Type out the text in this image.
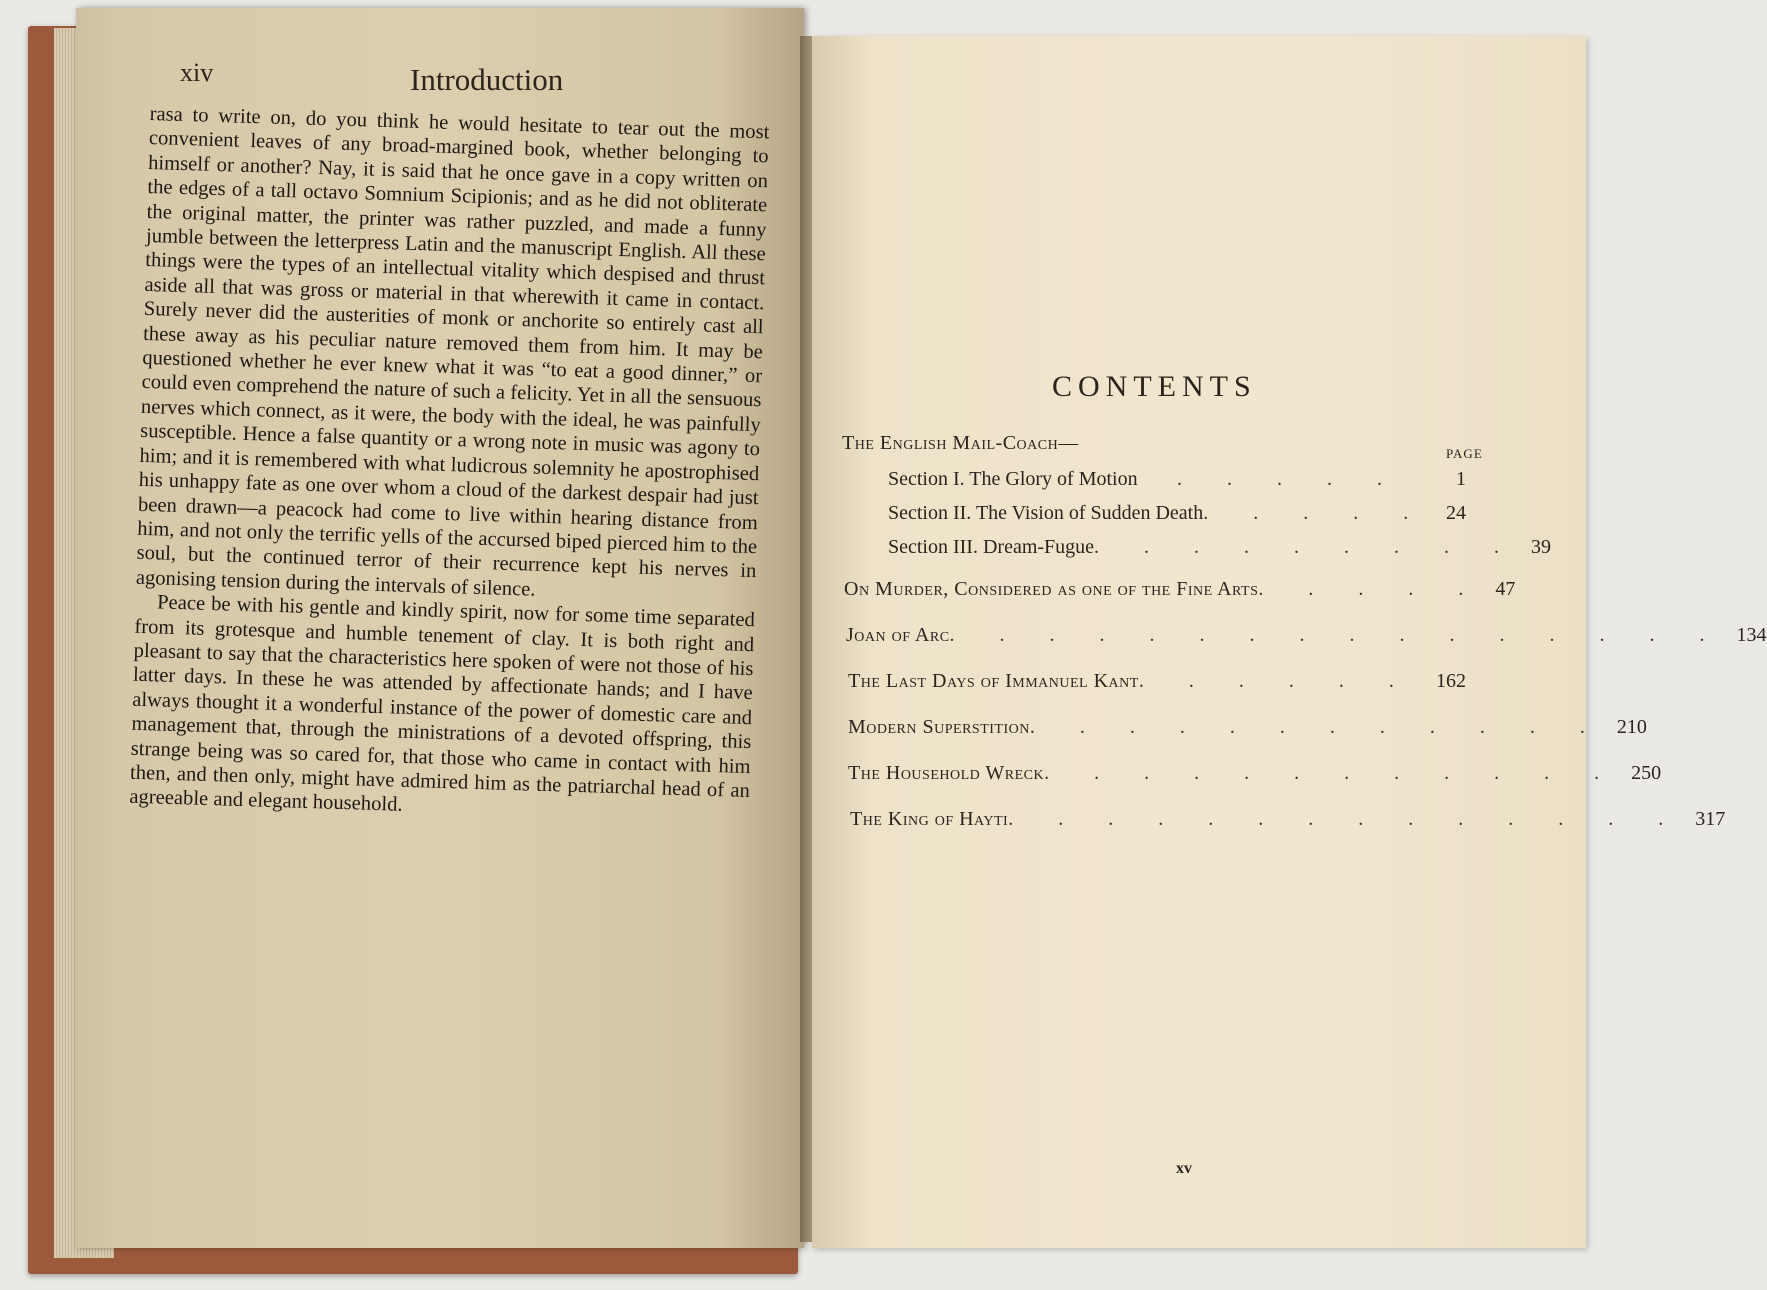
xiv	Introduction

rasa to write on, do you think he would hesitate to tear out the most convenient leaves of any broad-margined book, whether belonging to himself or another? Nay, it is said that he once gave in a copy written on the edges of a tall octavo Somnium Scipionis; and as he did not obliterate the original matter, the printer was rather puzzled, and made a funny jumble between the letterpress Latin and the manuscript English. All these things were the types of an intellectual vitality which despised and thrust aside all that was gross or material in that wherewith it came in contact. Surely never did the austerities of monk or anchorite so entirely cast all these away as his peculiar nature removed them from him. It may be questioned whether he ever knew what it was “to eat a good dinner,” or could even comprehend the nature of such a felicity. Yet in all the sensuous nerves which connect, as it were, the body with the ideal, he was painfully susceptible. Hence a false quantity or a wrong note in music was agony to him; and it is remembered with what ludicrous solemnity he apostrophised his unhappy fate as one over whom a cloud of the darkest despair had just been drawn—a peacock had come to live within hearing distance from him, and not only the terrific yells of the accursed biped pierced him to the soul, but the continued terror of their recurrence kept his nerves in agonising tension during the intervals of silence.

Peace be with his gentle and kindly spirit, now for some time separated from its grotesque and humble tenement of clay. It is both right and pleasant to say that the characteristics here spoken of were not those of his latter days. In these he was attended by affectionate hands; and I have always thought it a wonderful instance of the power of domestic care and management that, through the ministrations of a devoted offspring, this strange being was so cared for, that those who came in contact with him then, and then only, might have admired him as the patriarchal head of an agreeable and elegant household.

CONTENTS
PAGE
The English Mail-Coach—
Section I. The Glory of Motion	. . . . .	1
Section II. The Vision of Sudden Death . . . . . 24
Section III. Dream-Fugue . . . . . . . . . 39
On Murder, Considered as one of the Fine Arts . . . . . 47
Joan of Arc . . . . . . . . . . . . . . . . 134
The Last Days of Immanuel Kant . . . . . .	162
Modern Superstition . . . . . . . . . . . . 210
The Household Wreck . . . . . . . . . . . . 250
The King of Hayti . . . . . . . . . . . . . . 317
xv
